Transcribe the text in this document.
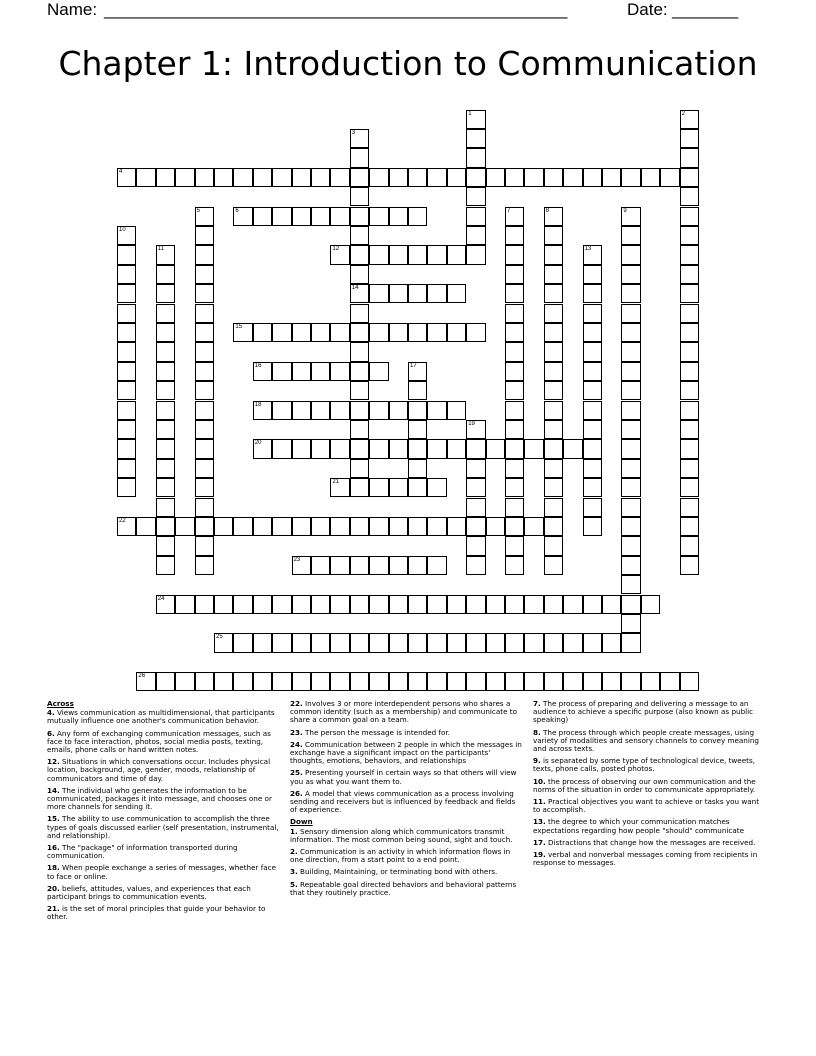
Name: _________________________________________________	Date: _______
Chapter 1: Introduction to Communication
1	2
3
14
4
5	6	7	8	9
10
11	12	13
15
16	17
18
19
20
21
22
23
24
25
26
Across
4. Views communication as multidimensional, that participants mutually influence one another's communication behavior.
6. Any form of exchanging communication messages, such as face to face interaction, photos, social media posts, texting, emails, phone calls or hand written notes.
12. Situations in which conversations occur. Includes physical location, background, age, gender, moods, relationship of communicators and time of day.
14. The individual who generates the information to be communicated, packages it into message, and chooses one or more channels for sending it.
15. The ability to use communication to accomplish the three types of goals discussed earlier (self presentation, instrumental, and relationship).
16. The "package" of information transported during communication.
18. When people exchange a series of messages, whether face to face or online.
20. beliefs, attitudes, values, and experiences that each participant brings to communication events.
21. is the set of moral principles that guide your behavior to other.
22. Involves 3 or more interdependent persons who shares a common identity (such as a membership) and communicate to share a common goal on a team.
23. The person the message is intended for.
24. Communication between 2 people in which the messages in exchange have a significant impact on the participants' thoughts, emotions, behaviors, and relationships
25. Presenting yourself in certain ways so that others will view you as what you want them to.
26. A model that views communication as a process involving sending and receivers but is influenced by feedback and fields of experience.
Down
1. Sensory dimension along which communicators transmit information. The most common being sound, sight and touch.
2. Communication is an activity in which information flows in one direction, from a start point to a end point.
3. Building, Maintaining, or terminating bond with others.
5. Repeatable goal directed behaviors and behavioral patterns that they routinely practice.
7. The process of preparing and delivering a message to an audience to achieve a specific purpose (also known as public speaking)
8. The process through which people create messages, using variety of modalities and sensory channels to convey meaning and across texts.
9. is separated by some type of technological device, tweets, texts, phone calls, posted photos.
10. the process of observing our own communication and the norms of the situation in order to communicate appropriately.
11. Practical objectives you want to achieve or tasks you want to accomplish.
13. the degree to which your communication matches expectations regarding how people "should" communicate
17. Distractions that change how the messages are received.
19. verbal and nonverbal messages coming from recipients in response to messages.
